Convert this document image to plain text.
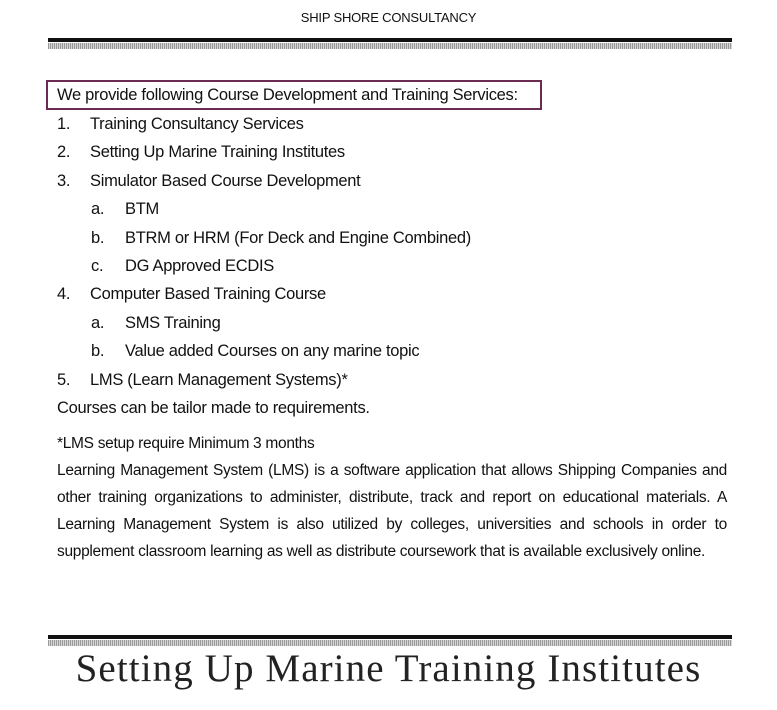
SHIP SHORE CONSULTANCY
We provide following Course Development and Training Services:
1.	Training Consultancy Services
2.	Setting Up Marine Training Institutes
3.	Simulator Based Course Development
a.	BTM
b.	BTRM or HRM (For Deck and Engine Combined)
c.	DG Approved ECDIS
4.	Computer Based Training Course
a.	SMS Training
b.	Value added Courses on any marine topic
5.	LMS (Learn Management Systems)*
Courses can be tailor made to requirements.
*LMS setup require Minimum 3 months

Learning Management System (LMS) is a software application that allows Shipping Companies and other training organizations to administer, distribute, track and report on educational materials. A Learning Management System is also utilized by colleges, universities and schools in order to supplement classroom learning as well as distribute coursework that is available exclusively online.

Setting Up Marine Training Institutes
